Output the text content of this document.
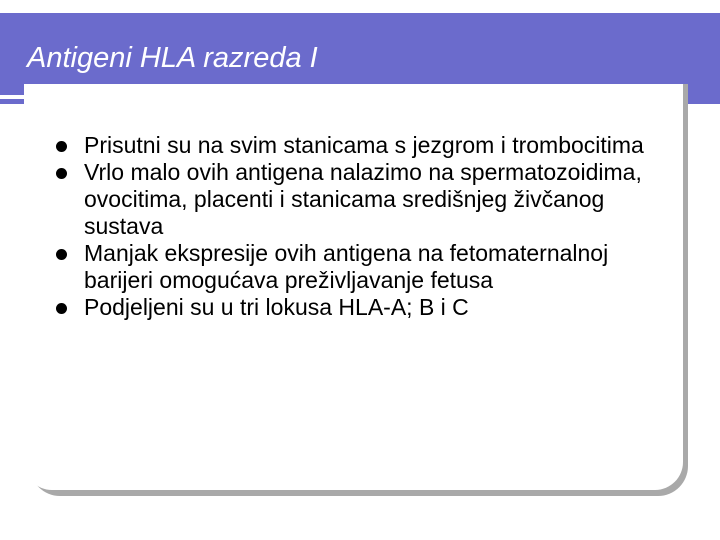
Antigeni HLA razreda I
Prisutni su na svim stanicama s jezgrom i trombocitima
Vrlo malo ovih antigena nalazimo na spermatozoidima, ovocitima, placenti i stanicama središnjeg živčanog sustava
Manjak ekspresije ovih antigena na fetomaternalnoj barijeri omogućava preživljavanje fetusa
Podjeljeni su u tri lokusa HLA-A; B i C
